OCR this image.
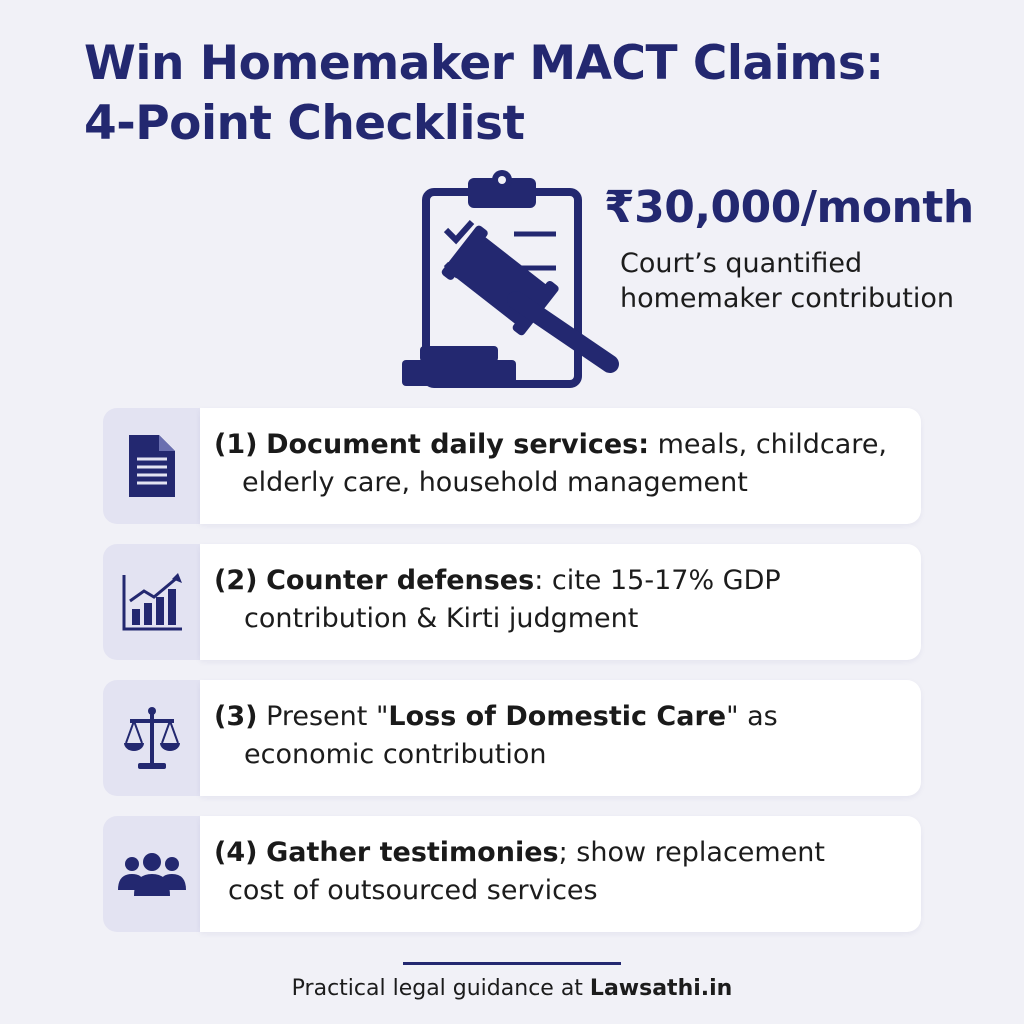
Win Homemaker MACT Claims:
4-Point Checklist
₹30,000/month
Court’s quantified homemaker contribution
(1) Document daily services: meals, childcare,
elderly care, household management
(2) Counter defenses: cite 15-17% GDP
contribution & Kirti judgment
(3) Present "Loss of Domestic Care" as
economic contribution
(4) Gather testimonies; show replacement
cost of outsourced services
Practical legal guidance at Lawsathi.in
